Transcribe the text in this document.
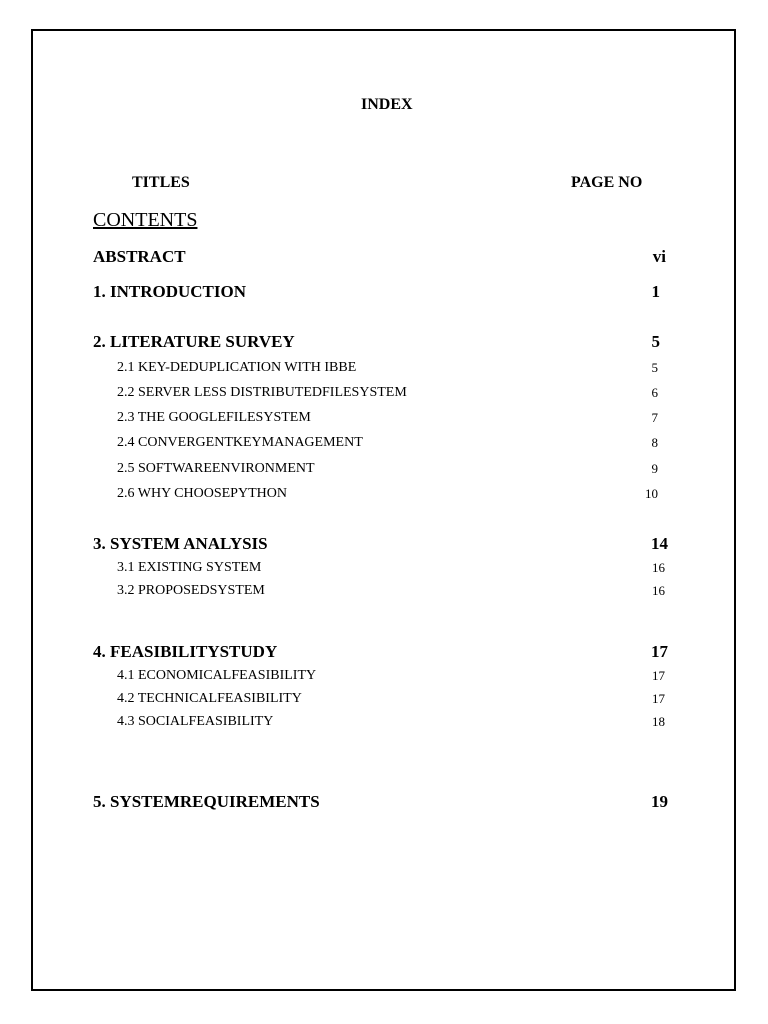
INDEX
TITLES	PAGE NO
CONTENTS
ABSTRACT	vi
1. INTRODUCTION	1
2. LITERATURE SURVEY	5
2.1 KEY-DEDUPLICATION WITH IBBE	5
2.2 SERVER LESS DISTRIBUTEDFILESYSTEM	6
2.3 THE GOOGLEFILESYSTEM	7
2.4 CONVERGENTKEYMANAGEMENT	8
2.5 SOFTWAREENVIRONMENT	9
2.6 WHY CHOOSEPYTHON	10
3. SYSTEM ANALYSIS	14
3.1 EXISTING SYSTEM	16
3.2 PROPOSEDSYSTEM	16
4. FEASIBILITYSTUDY	17
4.1 ECONOMICALFEASIBILITY	17
4.2 TECHNICALFEASIBILITY	17
4.3 SOCIALFEASIBILITY	18
5. SYSTEMREQUIREMENTS	19
